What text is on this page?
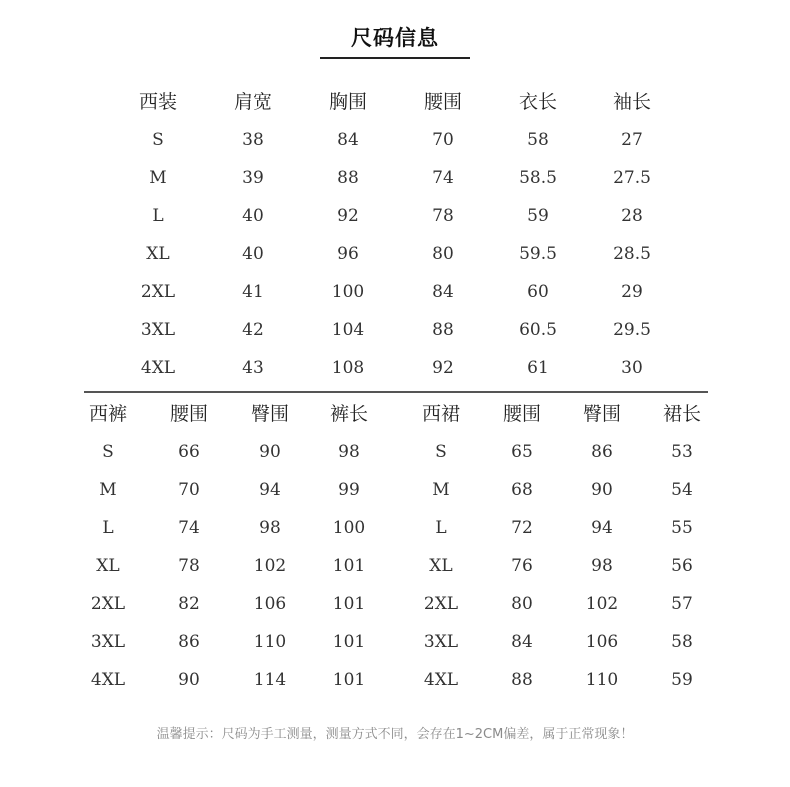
尺码信息
西装	肩宽	胸围	腰围	衣长	袖长
S	38	84	70	58	27
M	39	88	74	58.5	27.5
L	40	92	78	59	28
XL	40	96	80	59.5	28.5
2XL	41	100	84	60	29
3XL	42	104	88	60.5	29.5
4XL	43	108	92	61	30
西裤 腰围 臀围 裤长
S	66	90	98
M	70	94	99
L	74	98	100
XL	78	102	101
2XL	82	106	101
3XL	86	110	101
4XL	90	114	101
西裙 腰围 臀围 裙长
S	65	86	53
M	68	90	54
L	72	94	55
XL	76	98	56
2XL	80	102	57
3XL	84	106	58
4XL	88	110	59
温馨提示：尺码为手工测量，测量方式不同，会存在1~2CM偏差，属于正常现象！
